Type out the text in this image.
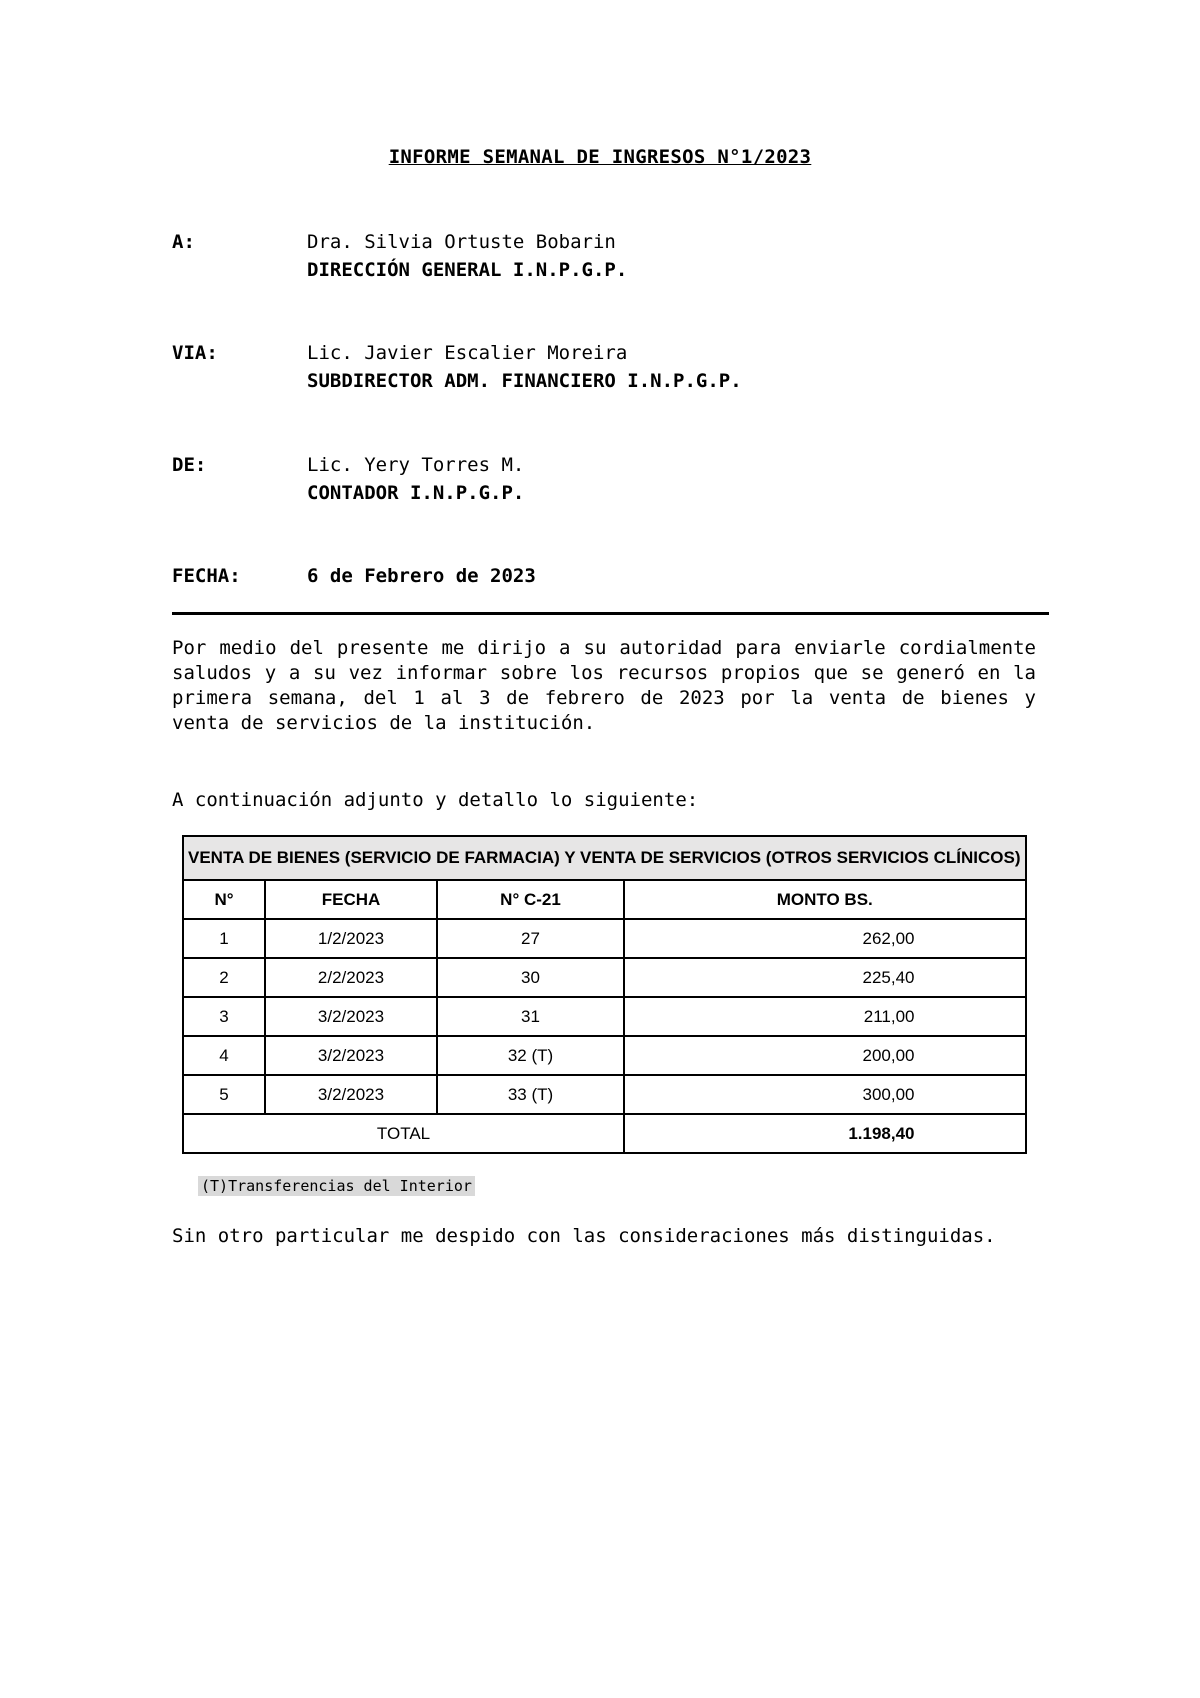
INFORME SEMANAL DE INGRESOS N°1/2023
A:	Dra. Silvia Ortuste Bobarin
DIRECCIÓN GENERAL I.N.P.G.P.
VIA:	Lic. Javier Escalier Moreira
SUBDIRECTOR ADM. FINANCIERO I.N.P.G.P.
DE:	Lic. Yery Torres M.
CONTADOR I.N.P.G.P.
FECHA:	6 de Febrero de 2023
Por medio del presente me dirijo a su autoridad para enviarle cordialmente saludos y a su vez informar sobre los recursos propios que se generó en la primera semana, del 1 al 3 de febrero de 2023 por la venta de bienes y venta de servicios de la institución.
A continuación adjunto y detallo lo siguiente:
VENTA DE BIENES (SERVICIO DE FARMACIA) Y VENTA DE SERVICIOS (OTROS SERVICIOS CLÍNICOS)			
N°	FECHA	N° C-21	MONTO BS.
1	1/2/2023	27	262,00
2	2/2/2023	30	225,40
3	3/2/2023	31	211,00
4	3/2/2023	32 (T)	200,00
5	3/2/2023	33 (T)	300,00
TOTAL			1.198,40
(T)Transferencias del Interior
Sin otro particular me despido con las consideraciones más distinguidas.
